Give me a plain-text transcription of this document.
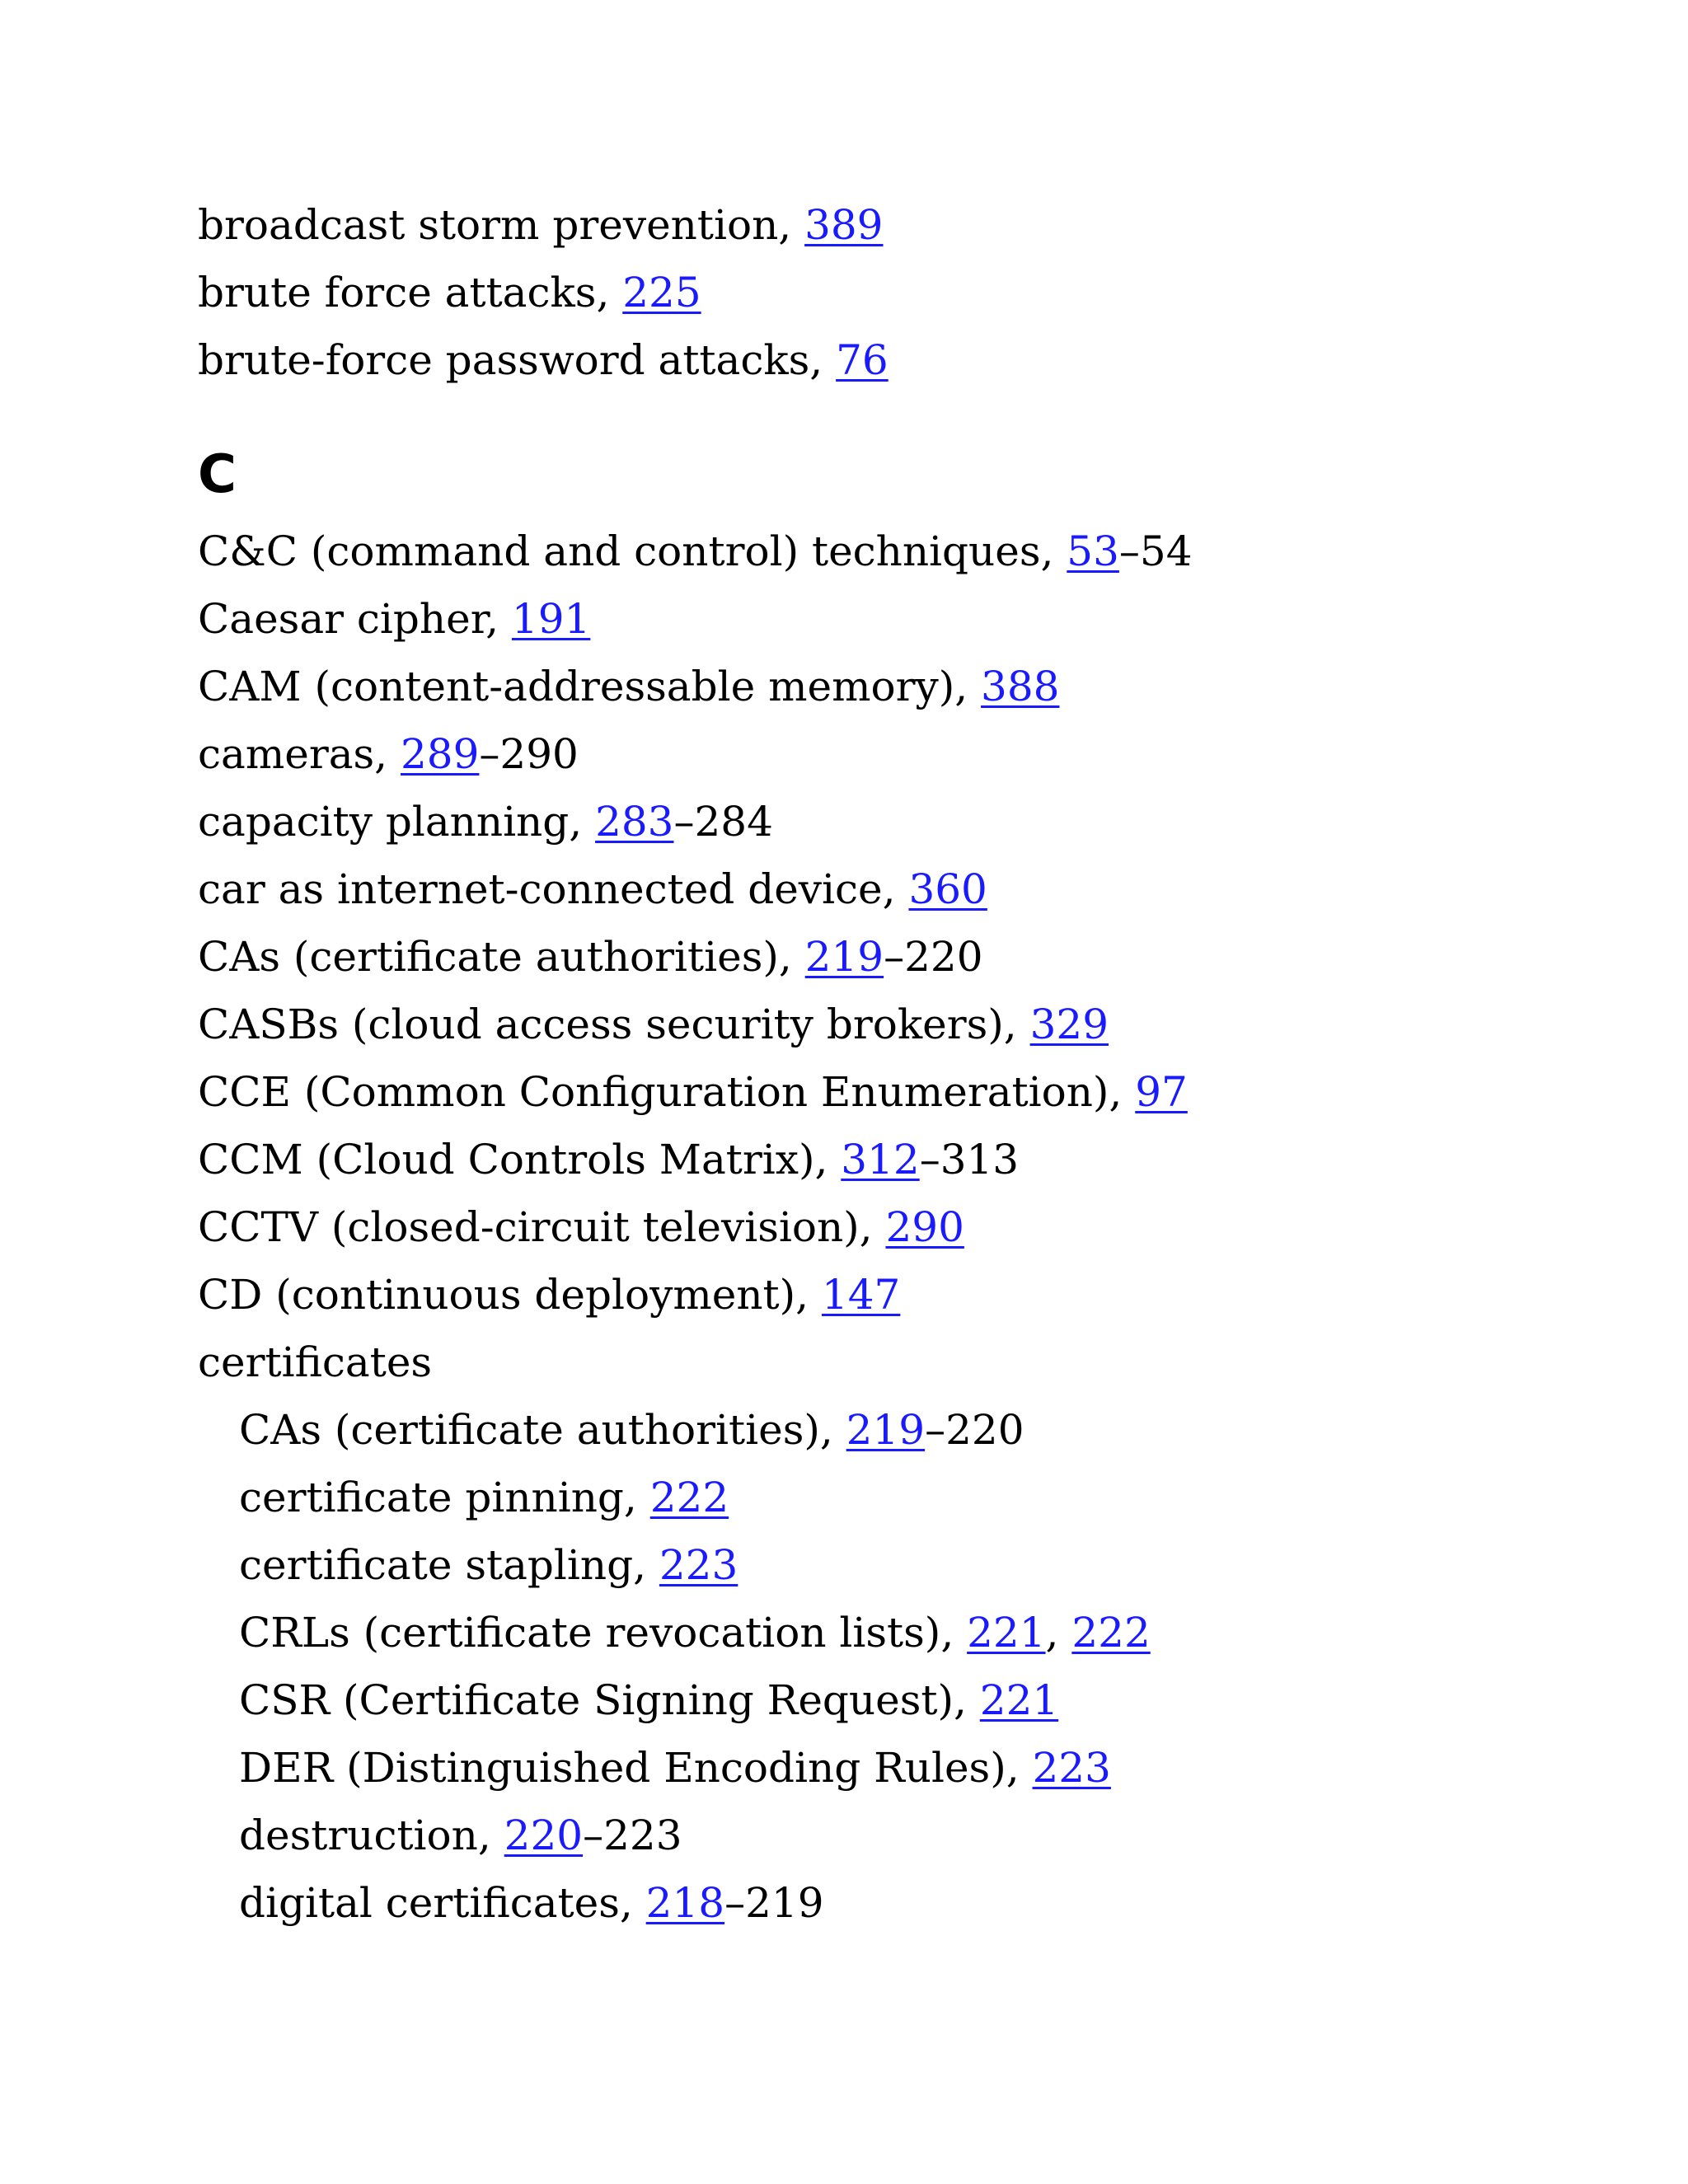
broadcast storm prevention, 389
brute force attacks, 225
brute-force password attacks, 76
C
C&C (command and control) techniques, 53–54
Caesar cipher, 191
CAM (content-addressable memory), 388
cameras, 289–290
capacity planning, 283–284
car as internet-connected device, 360
CAs (certificate authorities), 219–220
CASBs (cloud access security brokers), 329
CCE (Common Configuration Enumeration), 97
CCM (Cloud Controls Matrix), 312–313
CCTV (closed-circuit television), 290
CD (continuous deployment), 147
certificates
CAs (certificate authorities), 219–220
certificate pinning, 222
certificate stapling, 223
CRLs (certificate revocation lists), 221, 222
CSR (Certificate Signing Request), 221
DER (Distinguished Encoding Rules), 223
destruction, 220–223
digital certificates, 218–219
